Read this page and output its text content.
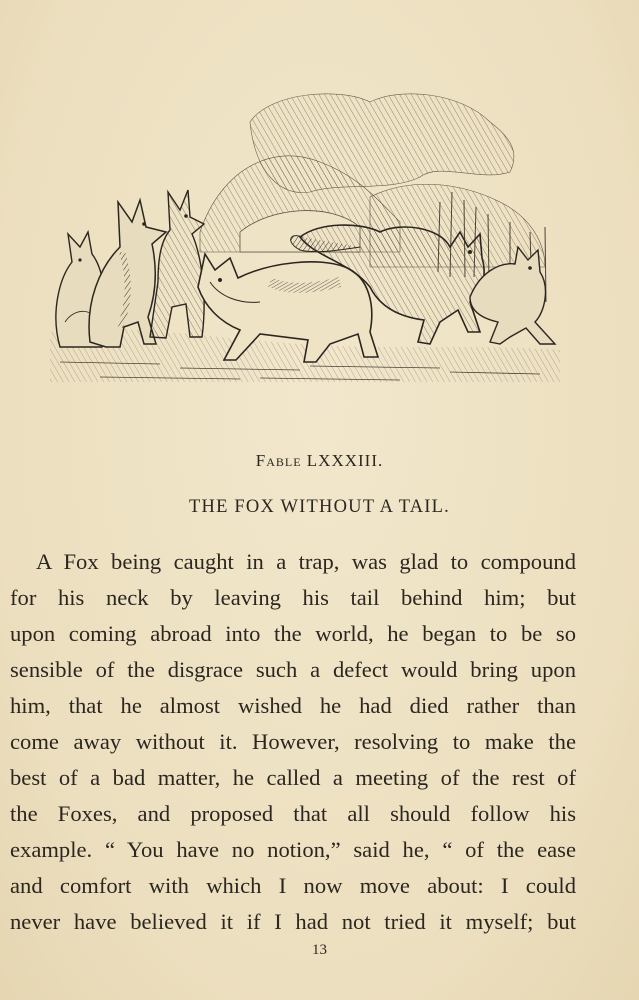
Fable LXXXIII.
THE FOX WITHOUT A TAIL.
A Fox being caught in a trap, was glad to compound
for his neck by leaving his tail behind him; but
upon coming abroad into the world, he began to be so
sensible of the disgrace such a defect would bring upon
him, that he almost wished he had died rather than
come away without it. However, resolving to make the
best of a bad matter, he called a meeting of the rest of
the Foxes, and proposed that all should follow his
example. “ You have no notion,” said he, “ of the ease
and comfort with which I now move about: I could
never have believed it if I had not tried it myself; but
13
